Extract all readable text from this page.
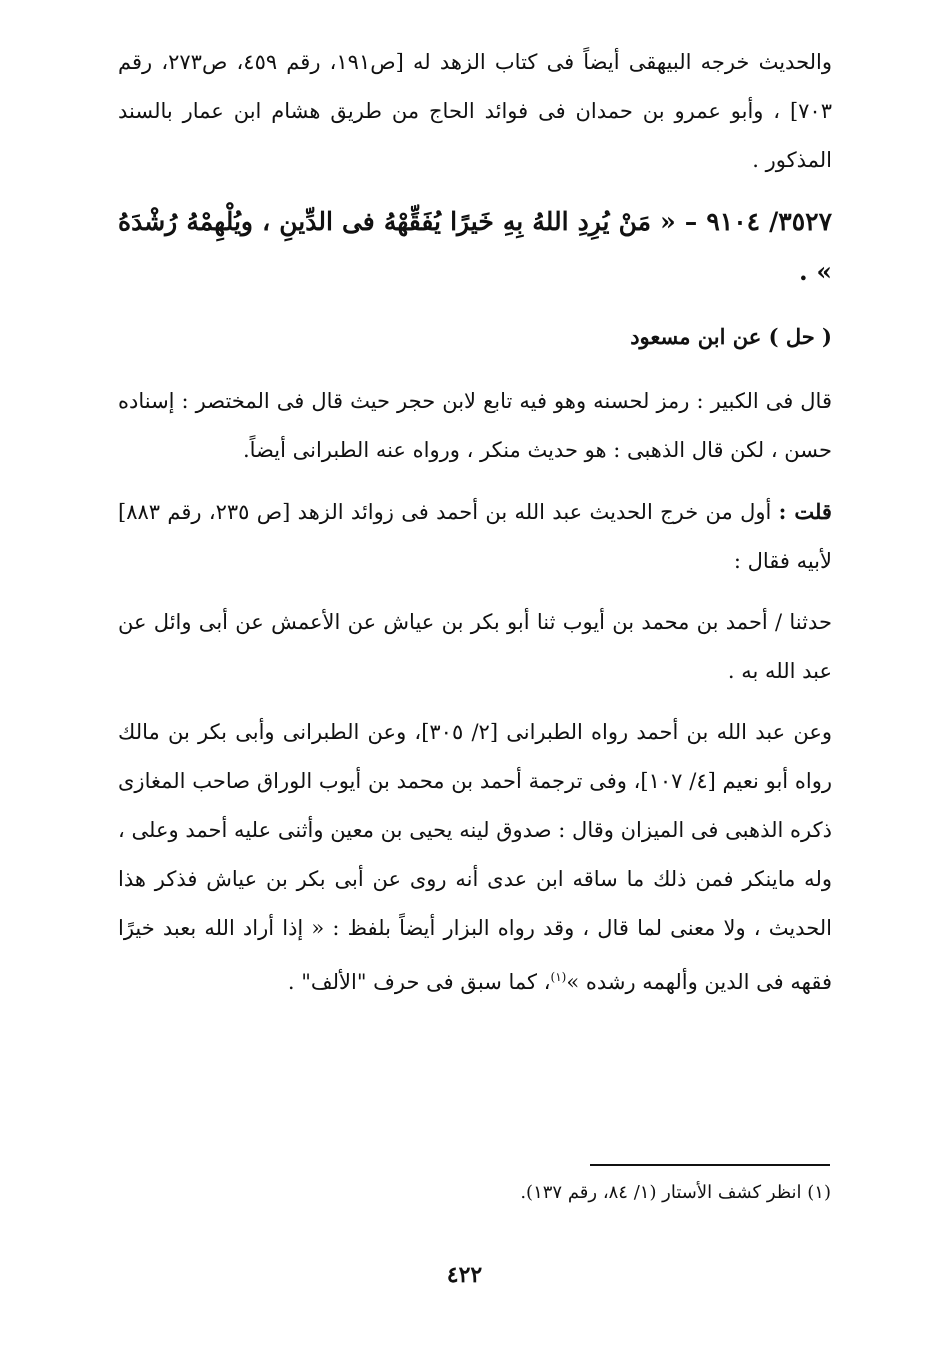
والحديث خرجه البيهقى أيضاً فى كتاب الزهد له [ص١٩١، رقم ٤٥٩، ص٢٧٣، رقم ٧٠٣] ، وأبو عمرو بن حمدان فى فوائد الحاج من طريق هشام ابن عمار بالسند المذكور .

٣٥٢٧/ ٩١٠٤ – « مَنْ يُرِدِ اللهُ بِهِ خَيرًا يُفَقِّهْهُ فى الدِّينِ ، ويُلْهِمْهُ رُشْدَهُ » .

( حل ) عن ابن مسعود

قال فى الكبير : رمز لحسنه وهو فيه تابع لابن حجر حيث قال فى المختصر : إسناده حسن ، لكن قال الذهبى : هو حديث منكر ، ورواه عنه الطبرانى أيضاً.

قلت : أول من خرج الحديث عبد الله بن أحمد فى زوائد الزهد [ص ٢٣٥، رقم ٨٨٣] لأبيه فقال :

حدثنا / أحمد بن محمد بن أيوب ثنا أبو بكر بن عياش عن الأعمش عن أبى وائل عن عبد الله به .

وعن عبد الله بن أحمد رواه الطبرانى [٢/ ٣٠٥]، وعن الطبرانى وأبى بكر بن مالك رواه أبو نعيم [٤/ ١٠٧]، وفى ترجمة أحمد بن محمد بن أيوب الوراق صاحب المغازى ذكره الذهبى فى الميزان وقال : صدوق لينه يحيى بن معين وأثنى عليه أحمد وعلى ، وله ماينكر فمن ذلك ما ساقه ابن عدى أنه روى عن أبى بكر بن عياش فذكر هذا الحديث ، ولا معنى لما قال ، وقد رواه البزار أيضاً بلفظ : « إذا أراد الله بعبد خيرًا فقهه فى الدين وألهمه رشده »$^{(١)}$، كما سبق فى حرف "الألف" .

(١) انظر كشف الأستار (١/ ٨٤، رقم ١٣٧).
٤٢٢
